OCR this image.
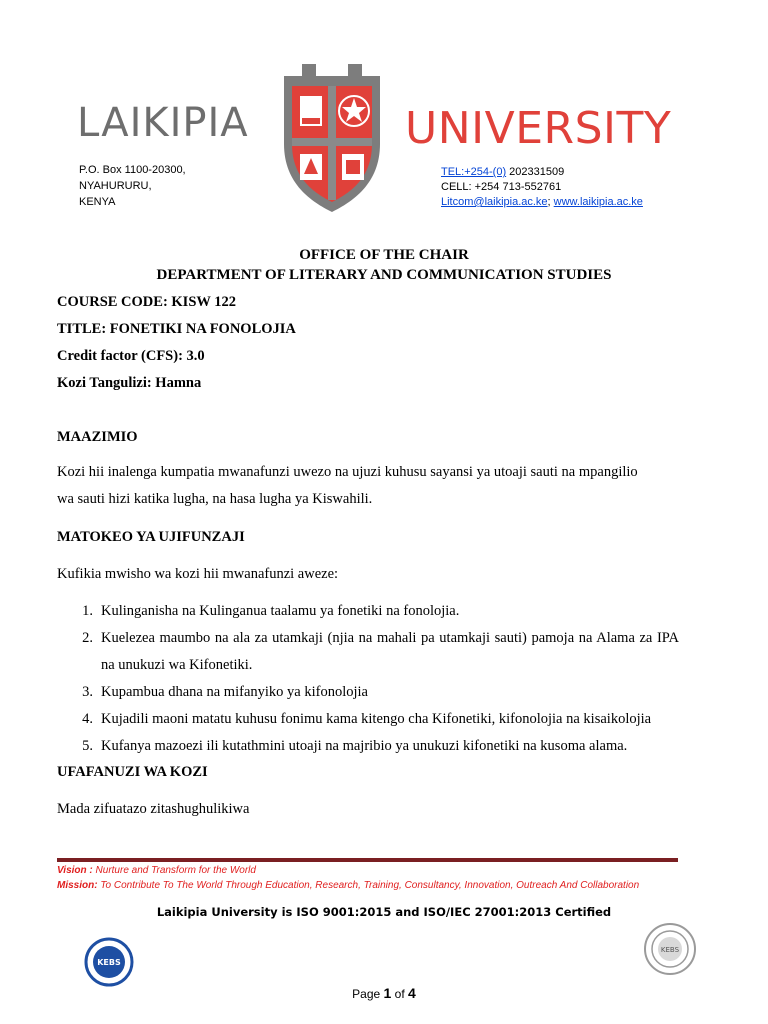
LAIKIPIA	UNIVERSITY
P.O. Box 1100-20300,
NYAHURURU,
KENYA
TEL:+254-(0) 202331509
CELL: +254 713-552761
Litcom@laikipia.ac.ke; www.laikipia.ac.ke
OFFICE OF THE CHAIR
DEPARTMENT OF LITERARY AND COMMUNICATION STUDIES
COURSE CODE: KISW 122
TITLE: FONETIKI NA FONOLOJIA
Credit factor (CFS): 3.0
Kozi Tangulizi: Hamna
MAAZIMIO
Kozi hii inalenga kumpatia mwanafunzi uwezo na ujuzi kuhusu sayansi ya utoaji sauti na mpangilio
wa sauti hizi katika lugha, na hasa lugha ya Kiswahili.
MATOKEO YA UJIFUNZAJI
Kufikia mwisho wa kozi hii mwanafunzi aweze:
1. Kulinganisha na Kulinganua taalamu ya fonetiki na fonolojia.
2. Kuelezea maumbo na ala za utamkaji (njia na mahali pa utamkaji sauti) pamoja na Alama za IPA na unukuzi wa Kifonetiki.
3. Kupambua dhana na mifanyiko ya kifonolojia
4. Kujadili maoni matatu kuhusu fonimu kama kitengo cha Kifonetiki, kifonolojia na kisaikolojia
5. Kufanya mazoezi ili kutathmini utoaji na majribio ya unukuzi kifonetiki na kusoma alama.
UFAFANUZI WA KOZI
Mada zifuatazo zitashughulikiwa
Vision : Nurture and Transform for the World
Mission: To Contribute To The World Through Education, Research, Training, Consultancy, Innovation, Outreach And Collaboration
Laikipia University is ISO 9001:2015 and ISO/IEC 27001:2013 Certified
KEBS
KEBS
Page 1 of 4
